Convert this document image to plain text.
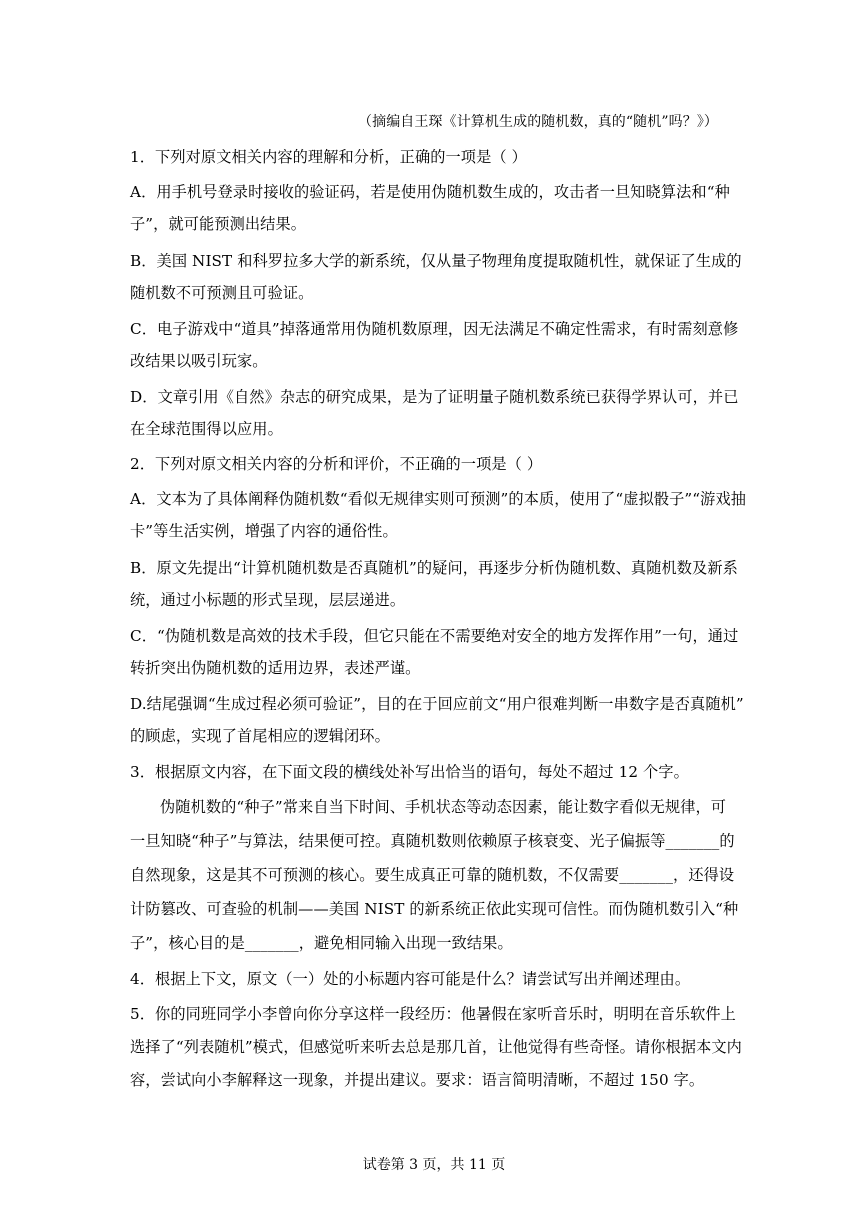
（摘编自王琛《计算机生成的随机数，真的“随机”吗？》）
1．下列对原文相关内容的理解和分析，正确的一项是（ ）
A．用手机号登录时接收的验证码，若是使用伪随机数生成的，攻击者一旦知晓算法和“种
子”，就可能预测出结果。
B．美国 NIST 和科罗拉多大学的新系统，仅从量子物理角度提取随机性，就保证了生成的
随机数不可预测且可验证。
C．电子游戏中“道具”掉落通常用伪随机数原理，因无法满足不确定性需求，有时需刻意修
改结果以吸引玩家。
D．文章引用《自然》杂志的研究成果，是为了证明量子随机数系统已获得学界认可，并已
在全球范围得以应用。
2．下列对原文相关内容的分析和评价，不正确的一项是（ ）
A．文本为了具体阐释伪随机数“看似无规律实则可预测”的本质，使用了“虚拟骰子”“游戏抽
卡”等生活实例，增强了内容的通俗性。
B．原文先提出“计算机随机数是否真随机”的疑问，再逐步分析伪随机数、真随机数及新系
统，通过小标题的形式呈现，层层递进。
C．“伪随机数是高效的技术手段，但它只能在不需要绝对安全的地方发挥作用”一句，通过
转折突出伪随机数的适用边界，表述严谨。
D.结尾强调“生成过程必须可验证”，目的在于回应前文“用户很难判断一串数字是否真随机”
的顾虑，实现了首尾相应的逻辑闭环。
3．根据原文内容，在下面文段的横线处补写出恰当的语句，每处不超过 12 个字。
伪随机数的“种子”常来自当下时间、手机状态等动态因素，能让数字看似无规律，可
一旦知晓“种子”与算法，结果便可控。真随机数则依赖原子核衰变、光子偏振等_______的
自然现象，这是其不可预测的核心。要生成真正可靠的随机数，不仅需要_______，还得设
计防篡改、可查验的机制——美国 NIST 的新系统正依此实现可信性。而伪随机数引入“种
子”，核心目的是_______，避免相同输入出现一致结果。
4．根据上下文，原文（一）处的小标题内容可能是什么？请尝试写出并阐述理由。
5．你的同班同学小李曾向你分享这样一段经历：他暑假在家听音乐时，明明在音乐软件上
选择了“列表随机”模式，但感觉听来听去总是那几首，让他觉得有些奇怪。请你根据本文内
容，尝试向小李解释这一现象，并提出建议。要求：语言简明清晰，不超过 150 字。
试卷第 3 页，共 11 页
